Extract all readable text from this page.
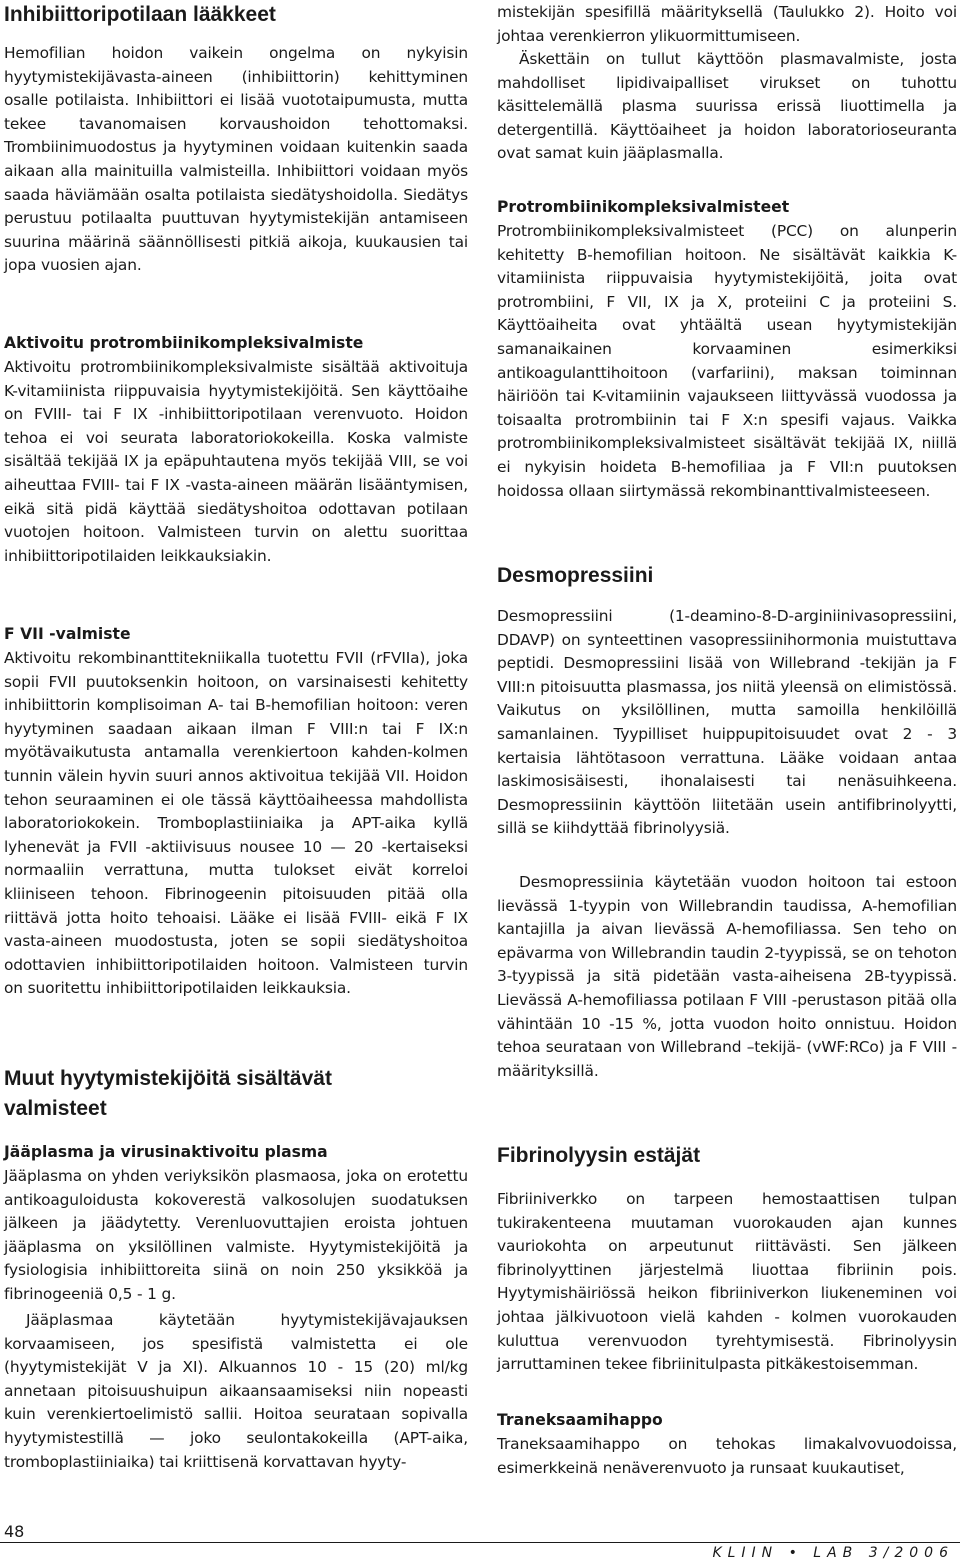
Inhibiittoripotilaan lääkkeet

Hemofilian hoidon vaikein ongelma on nykyisin hyytymistekijävasta-aineen (inhibiittorin) kehittyminen osalle potilaista. Inhibiittori ei lisää vuototaipumusta, mutta tekee tavanomaisen korvaushoidon tehottomaksi. Trombiinimuodostus ja hyytyminen voidaan kuitenkin saada aikaan alla mainituilla valmisteilla. Inhibiittori voidaan myös saada häviämään osalta potilaista siedätyshoidolla. Siedätys perustuu potilaalta puuttuvan hyytymistekijän antamiseen suurina määrinä säännöllisesti pitkiä aikoja, kuukausien tai jopa vuosien ajan.

Aktivoitu protrombiinikompleksivalmiste

Aktivoitu protrombiinikompleksivalmiste sisältää aktivoituja K-vitamiinista riippuvaisia hyytymistekijöitä. Sen käyttöaihe on FVIII- tai F IX -inhibiittoripotilaan verenvuoto. Hoidon tehoa ei voi seurata laboratoriokokeilla. Koska valmiste sisältää tekijää IX ja epäpuhtautena myös tekijää VIII, se voi aiheuttaa FVIII- tai F IX -vasta-aineen määrän lisääntymisen, eikä sitä pidä käyttää siedätyshoitoa odottavan potilaan vuotojen hoitoon. Valmisteen turvin on alettu suorittaa inhibiittoripotilaiden leikkauksiakin.

F VII -valmiste

Aktivoitu rekombinanttitekniikalla tuotettu FVII (rFVIIa), joka sopii FVII puutoksenkin hoitoon, on varsinaisesti kehitetty inhibiittorin komplisoiman A- tai B-hemofilian hoitoon: veren hyytyminen saadaan aikaan ilman F VIII:n tai F IX:n myötävaikutusta antamalla verenkiertoon kahden-kolmen tunnin välein hyvin suuri annos aktivoitua tekijää VII. Hoidon tehon seuraaminen ei ole tässä käyttöaiheessa mahdollista laboratoriokokein. Tromboplastiiniaika ja APT-aika kyllä lyhenevät ja FVII -aktiivisuus nousee 10 — 20 -kertaiseksi normaaliin verrattuna, mutta tulokset eivät korreloi kliiniseen tehoon. Fibrinogeenin pitoisuuden pitää olla riittävä jotta hoito tehoaisi. Lääke ei lisää FVIII- eikä F IX vasta-aineen muodostusta, joten se sopii siedätyshoitoa odottavien inhibiittoripotilaiden hoitoon. Valmisteen turvin on suoritettu inhibiittoripotilaiden leikkauksia.

Muut hyytymistekijöitä sisältävät valmisteet
Jääplasma ja virusinaktivoitu plasma

Jääplasma on yhden veriyksikön plasmaosa, joka on erotettu antikoaguloidusta kokoverestä valkosolujen suodatuksen jälkeen ja jäädytetty. Verenluovuttajien eroista johtuen jääplasma on yksilöllinen valmiste. Hyytymistekijöitä ja fysiologisia inhibiittoreita siinä on noin 250 yksikköä ja fibrinogeeniä 0,5 - 1 g.

Jääplasmaa käytetään hyytymistekijävajauksen korvaamiseen, jos spesifistä valmistetta ei ole (hyytymistekijät V ja XI). Alkuannos 10 - 15 (20) ml/kg annetaan pitoisuushuipun aikaansaamiseksi niin nopeasti kuin verenkiertoelimistö sallii. Hoitoa seurataan sopivalla hyytymistestillä — joko seulontakokeilla (APT-aika, tromboplastiiniaika) tai kriittisenä korvattavan hyyty-

mistekijän spesifillä määrityksellä (Taulukko 2). Hoito voi johtaa verenkierron ylikuormittumiseen.

Äskettäin on tullut käyttöön plasmavalmiste, josta mahdolliset lipidivaipalliset virukset on tuhottu käsittelemällä plasma suurissa erissä liuottimella ja detergentillä. Käyttöaiheet ja hoidon laboratorioseuranta ovat samat kuin jääplasmalla.

Protrombiinikompleksivalmisteet

Protrombiinikompleksivalmisteet (PCC) on alunperin kehitetty B-hemofilian hoitoon. Ne sisältävät kaikkia K-vitamiinista riippuvaisia hyytymistekijöitä, joita ovat protrombiini, F VII, IX ja X, proteiini C ja proteiini S. Käyttöaiheita ovat yhtäältä usean hyytymistekijän samanaikainen korvaaminen esimerkiksi antikoagulanttihoitoon (varfariini), maksan toiminnan häiriöön tai K-vitamiinin vajaukseen liittyvässä vuodossa ja toisaalta protrombiinin tai F X:n spesifi vajaus. Vaikka protrombiinikompleksivalmisteet sisältävät tekijää IX, niillä ei nykyisin hoideta B-hemofiliaa ja F VII:n puutoksen hoidossa ollaan siirtymässä rekombinanttivalmisteeseen.

Desmopressiini

Desmopressiini (1-deamino-8-D-arginiinivasopressiini, DDAVP) on synteettinen vasopressiinihormonia muistuttava peptidi. Desmopressiini lisää von Willebrand -tekijän ja F VIII:n pitoisuutta plasmassa, jos niitä yleensä on elimistössä. Vaikutus on yksilöllinen, mutta samoilla henkilöillä samanlainen. Tyypilliset huippupitoisuudet ovat 2 - 3 kertaisia lähtötasoon verrattuna. Lääke voidaan antaa laskimosisäisesti, ihonalaisesti tai nenäsuihkeena. Desmopressiinin käyttöön liitetään usein antifibrinolyytti, sillä se kiihdyttää fibrinolyysiä.

Desmopressiinia käytetään vuodon hoitoon tai estoon lievässä 1-tyypin von Willebrandin taudissa, A-hemofilian kantajilla ja aivan lievässä A-hemofiliassa. Sen teho on epävarma von Willebrandin taudin 2-tyypissä, se on tehoton 3-tyypissä ja sitä pidetään vasta-aiheisena 2B-tyypissä. Lievässä A-hemofiliassa potilaan F VIII -perustason pitää olla vähintään 10 -15 %, jotta vuodon hoito onnistuu. Hoidon tehoa seurataan von Willebrand –tekijä- (vWF:RCo) ja F VIII -määrityksillä.

Fibrinolyysin estäjät

Fibriiniverkko on tarpeen hemostaattisen tulpan tukirakenteena muutaman vuorokauden ajan kunnes vauriokohta on arpeutunut riittävästi. Sen jälkeen fibrinolyyttinen järjestelmä liuottaa fibriinin pois. Hyytymishäiriössä heikon fibriiniverkon liukeneminen voi johtaa jälkivuotoon vielä kahden - kolmen vuorokauden kuluttua verenvuodon tyrehtymisestä. Fibrinolyysin jarruttaminen tekee fibriinitulpasta pitkäkestoisemman.

Traneksaamihappo

Traneksaamihappo on tehokas limakalvovuodoissa, esimerkkeinä nenäverenvuoto ja runsaat kuukautiset,

48
KLIIN • LAB 3/2006
